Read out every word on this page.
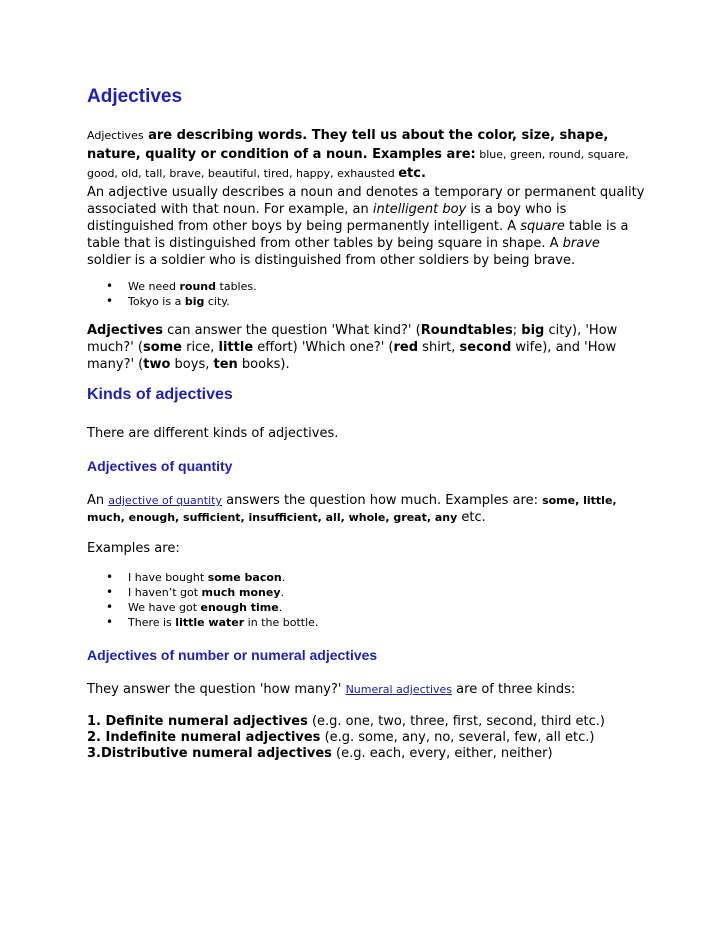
Adjectives
Adjectives are describing words. They tell us about the color, size, shape, nature, quality or condition of a noun. Examples are: blue, green, round, square, good, old, tall, brave, beautiful, tired, happy, exhausted etc.
An adjective usually describes a noun and denotes a temporary or permanent quality associated with that noun. For example, an intelligent boy is a boy who is distinguished from other boys by being permanently intelligent. A square table is a table that is distinguished from other tables by being square in shape. A brave soldier is a soldier who is distinguished from other soldiers by being brave.
• We need round tables.
• Tokyo is a big city.
Adjectives can answer the question 'What kind?' (Roundtables; big city), 'How much?' (some rice, little effort) 'Which one?' (red shirt, second wife), and 'How many?' (two boys, ten books).
Kinds of adjectives
There are different kinds of adjectives.
Adjectives of quantity
An adjective of quantity answers the question how much. Examples are: some, little, much, enough, sufficient, insufficient, all, whole, great, any etc.
Examples are:
• I have bought some bacon.
• I haven’t got much money.
• We have got enough time.
• There is little water in the bottle.
Adjectives of number or numeral adjectives
They answer the question 'how many?' Numeral adjectives are of three kinds:
1. Definite numeral adjectives (e.g. one, two, three, first, second, third etc.)
2. Indefinite numeral adjectives (e.g. some, any, no, several, few, all etc.)
3.Distributive numeral adjectives (e.g. each, every, either, neither)
